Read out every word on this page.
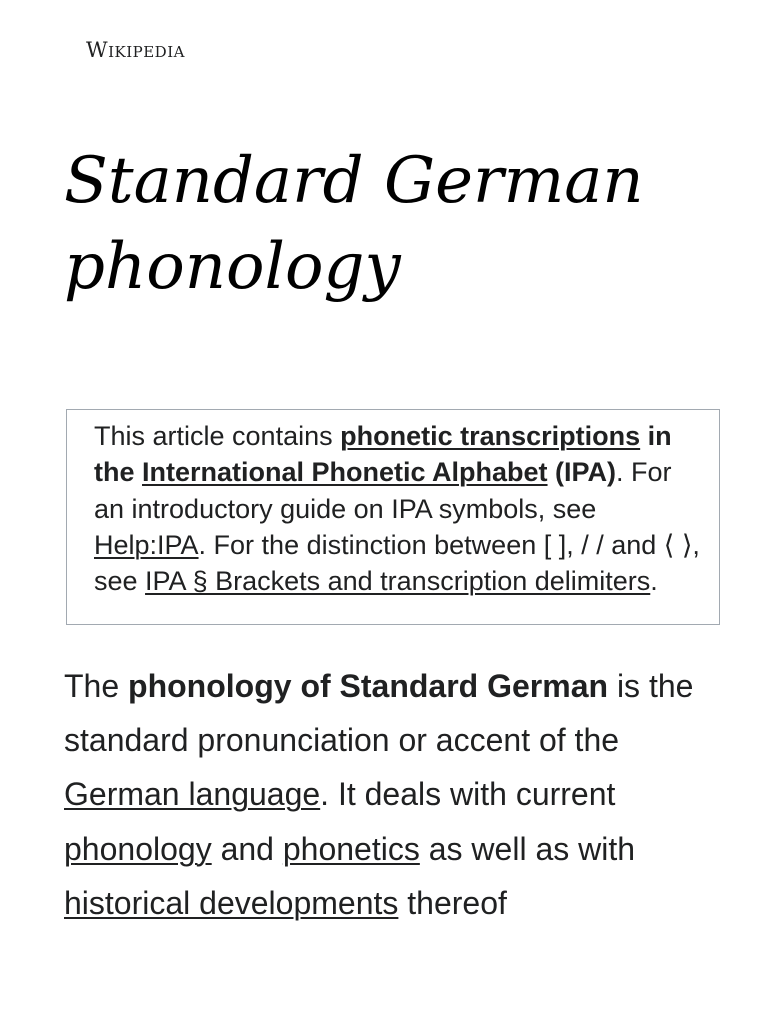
Wikipedia
Standard German phonology
This article contains phonetic transcriptions in the International Phonetic Alphabet (IPA). For an introductory guide on IPA symbols, see Help:IPA. For the distinction between [ ], / / and ⟨ ⟩, see IPA § Brackets and transcription delimiters.

The phonology of Standard German is the standard pronunciation or accent of the German language. It deals with current phonology and phonetics as well as with historical developments thereof
